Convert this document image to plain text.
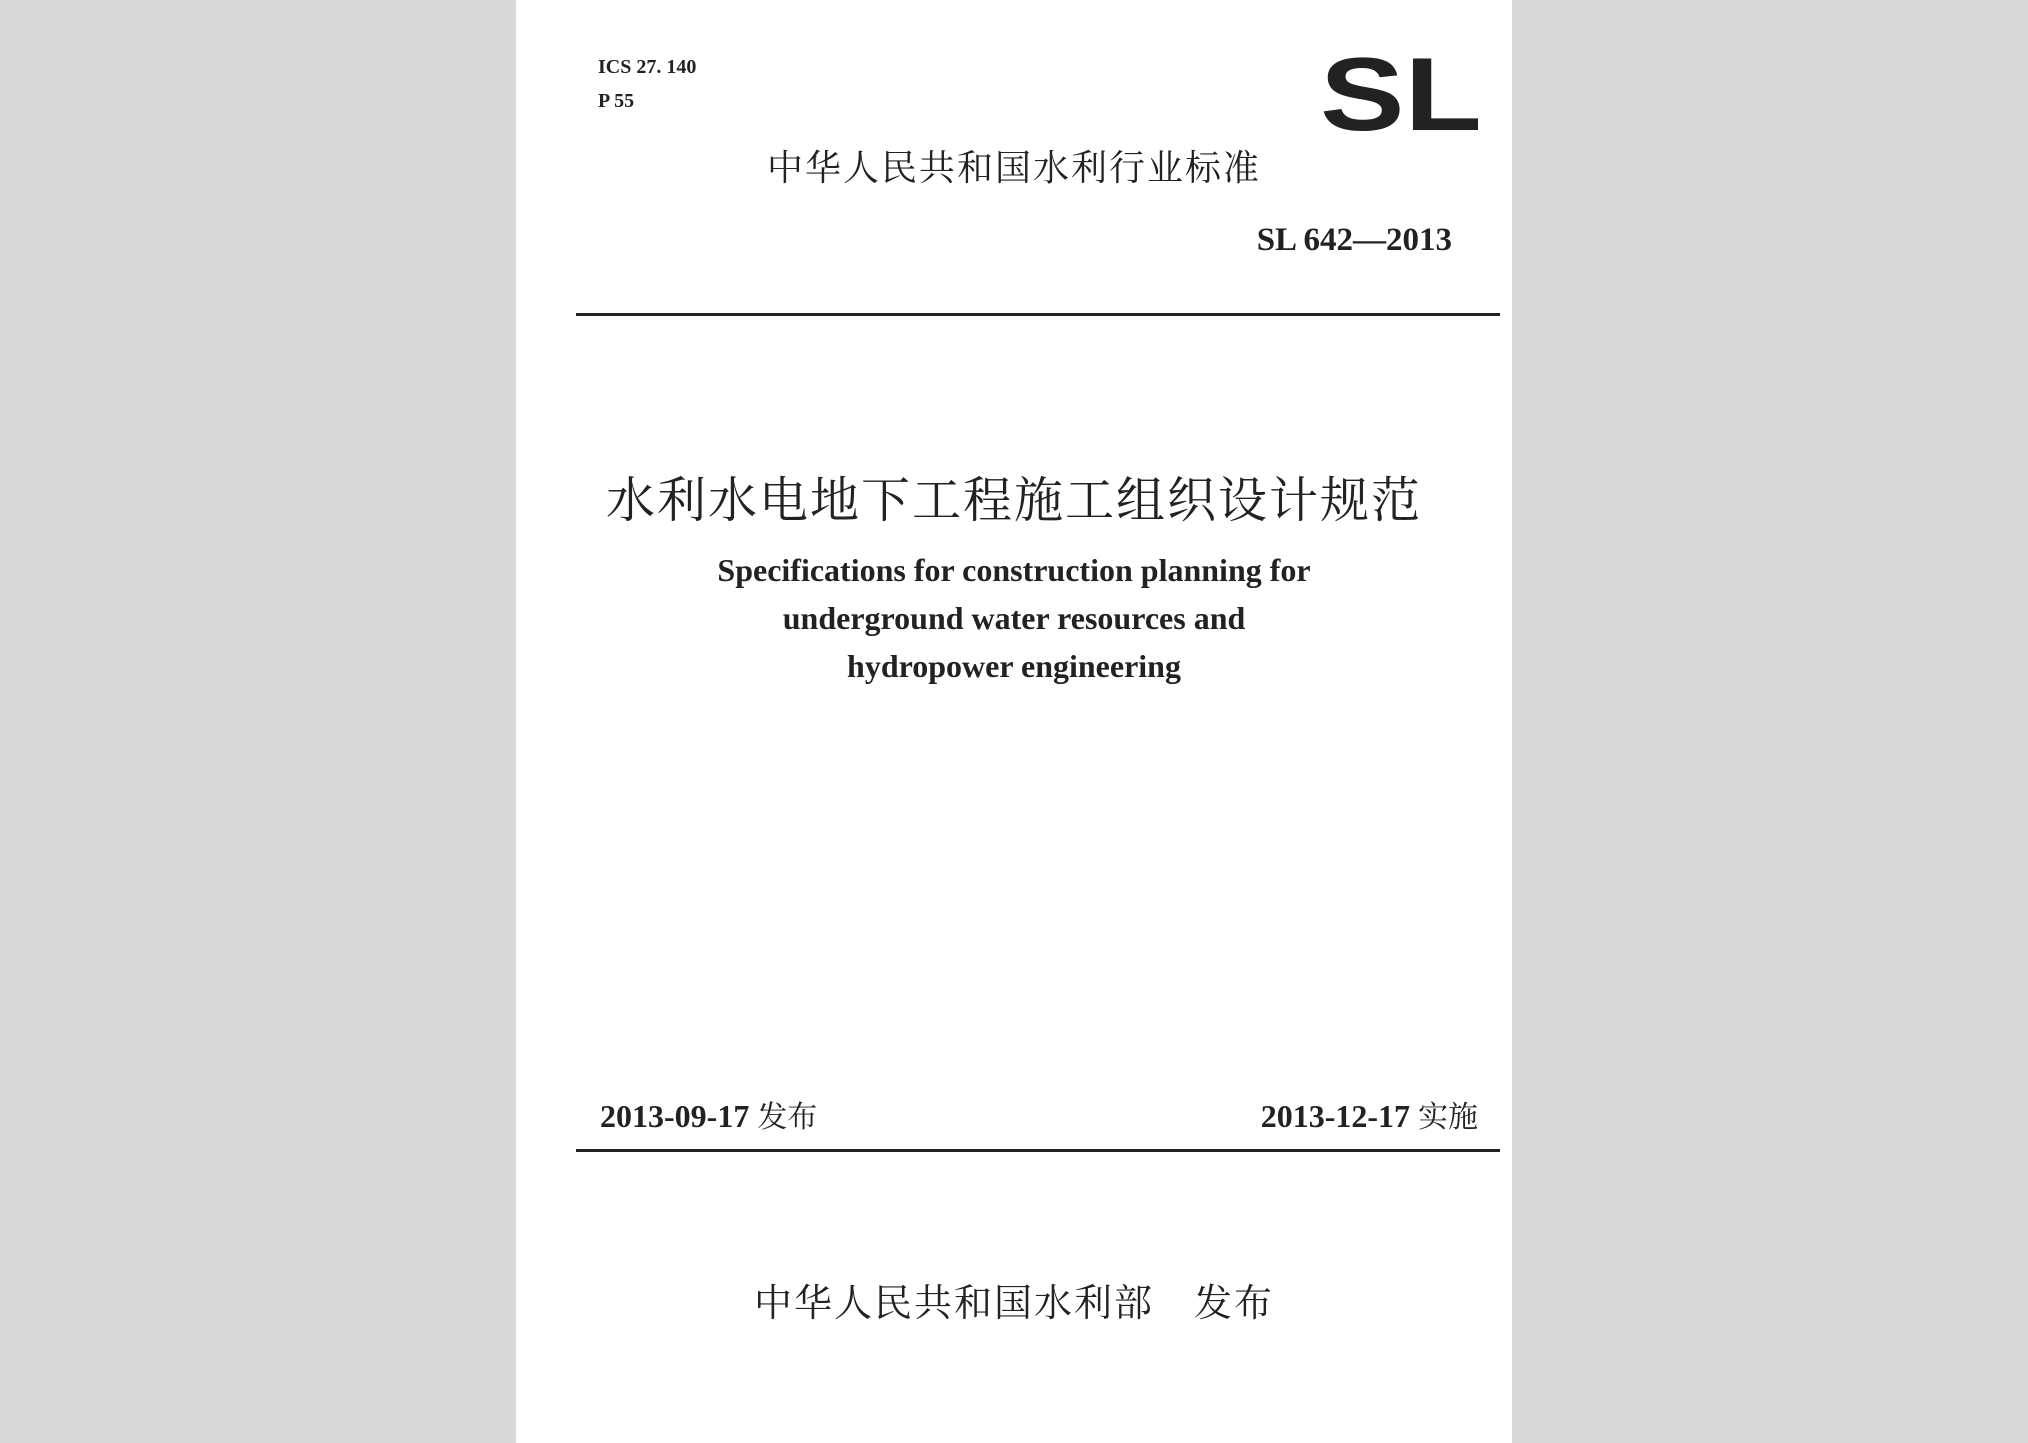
ICS 27. 140
P 55	SL
中华人民共和国水利行业标准
SL 642—2013
水利水电地下工程施工组织设计规范
Specifications for construction planning for
underground water resources and
hydropower engineering
2013-09-17 发布	2013-12-17 实施
中华人民共和国水利部 发布
